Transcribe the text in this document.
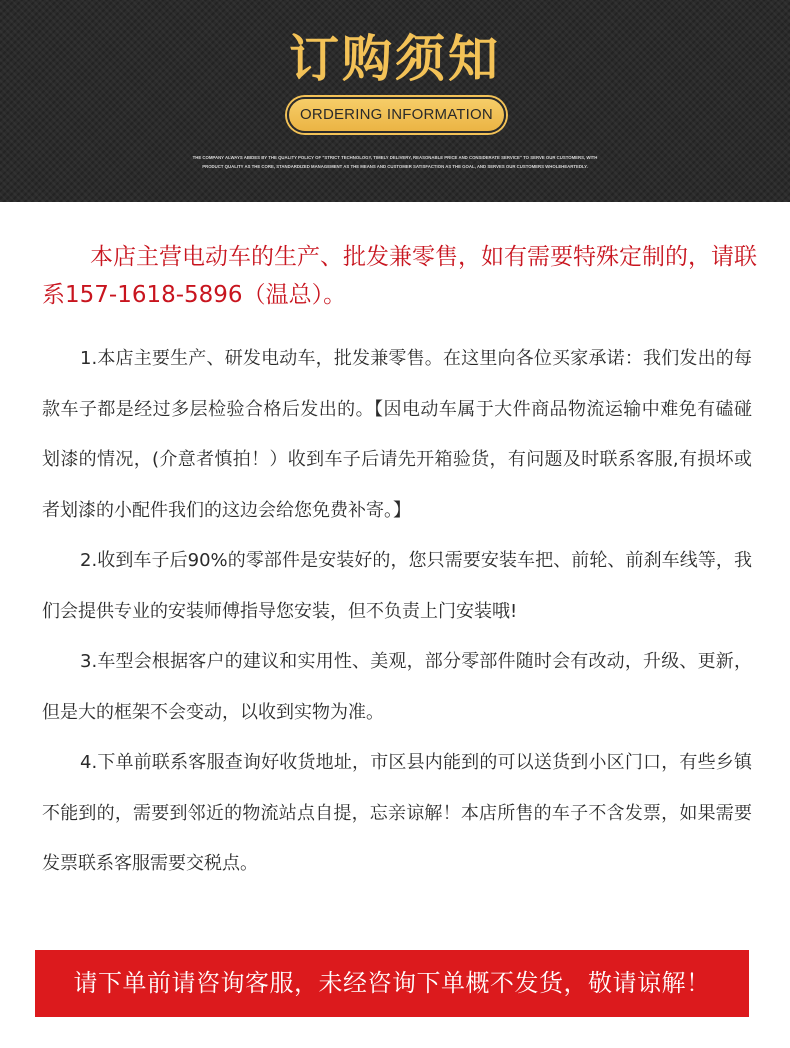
订购须知
ORDERING INFORMATION
THE COMPANY ALWAYS ABIDES BY THE QUALITY POLICY OF "STRICT TECHNOLOGY, TIMELY DELIVERY, REASONABLE PRICE AND CONSIDERATE SERVICE" TO SERVE OUR CUSTOMERS, WITH
PRODUCT QUALITY AS THE CORE, STANDARDIZED MANAGEMENT AS THE MEANS AND CUSTOMER SATISFACTION AS THE GOAL, AND SERVES OUR CUSTOMERS WHOLEHEARTEDLY.

本店主营电动车的生产、批发兼零售，如有需要特殊定制的，请联系157-1618-5896（温总）。

1.本店主要生产、研发电动车，批发兼零售。在这里向各位买家承诺：我们发出的每款车子都是经过多层检验合格后发出的。【因电动车属于大件商品物流运输中难免有磕碰划漆的情况，(介意者慎拍！）收到车子后请先开箱验货，有问题及时联系客服,有损坏或者划漆的小配件我们的这边会给您免费补寄。】

2.收到车子后90%的零部件是安装好的，您只需要安装车把、前轮、前刹车线等，我们会提供专业的安装师傅指导您安装，但不负责上门安装哦!

3.车型会根据客户的建议和实用性、美观，部分零部件随时会有改动，升级、更新，但是大的框架不会变动，以收到实物为准。

4.下单前联系客服查询好收货地址，市区县内能到的可以送货到小区门口，有些乡镇不能到的，需要到邻近的物流站点自提，忘亲谅解！本店所售的车子不含发票，如果需要发票联系客服需要交税点。

请下单前请咨询客服，未经咨询下单概不发货，敬请谅解！
